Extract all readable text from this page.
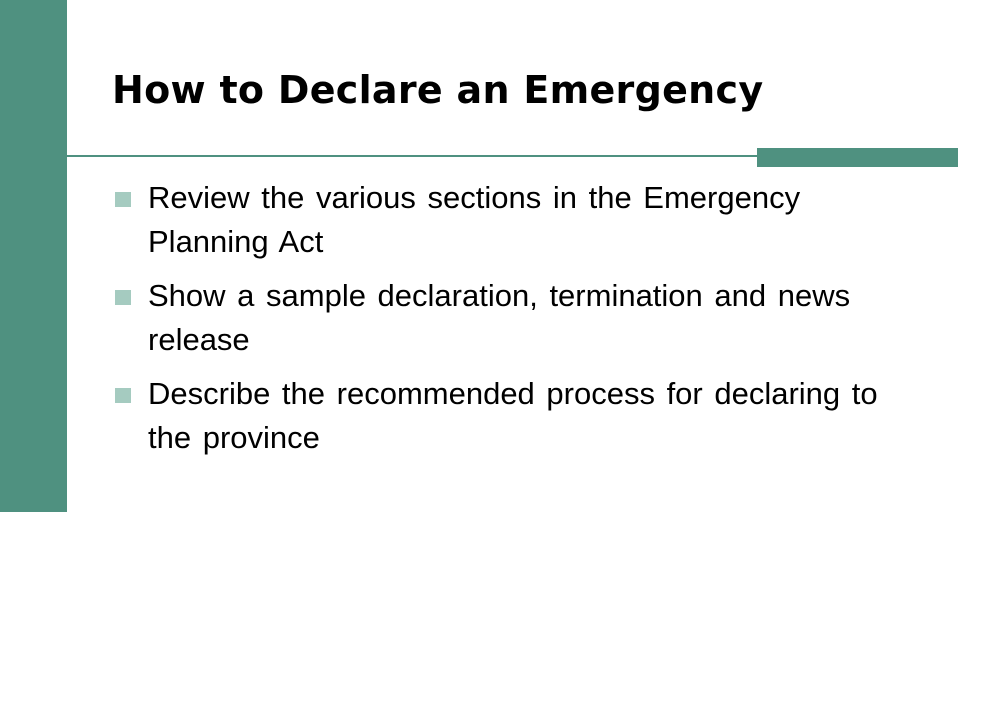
How to Declare an Emergency
Review the various sections in the Emergency Planning Act
Show a sample declaration, termination and news release
Describe the recommended process for declaring to the province
